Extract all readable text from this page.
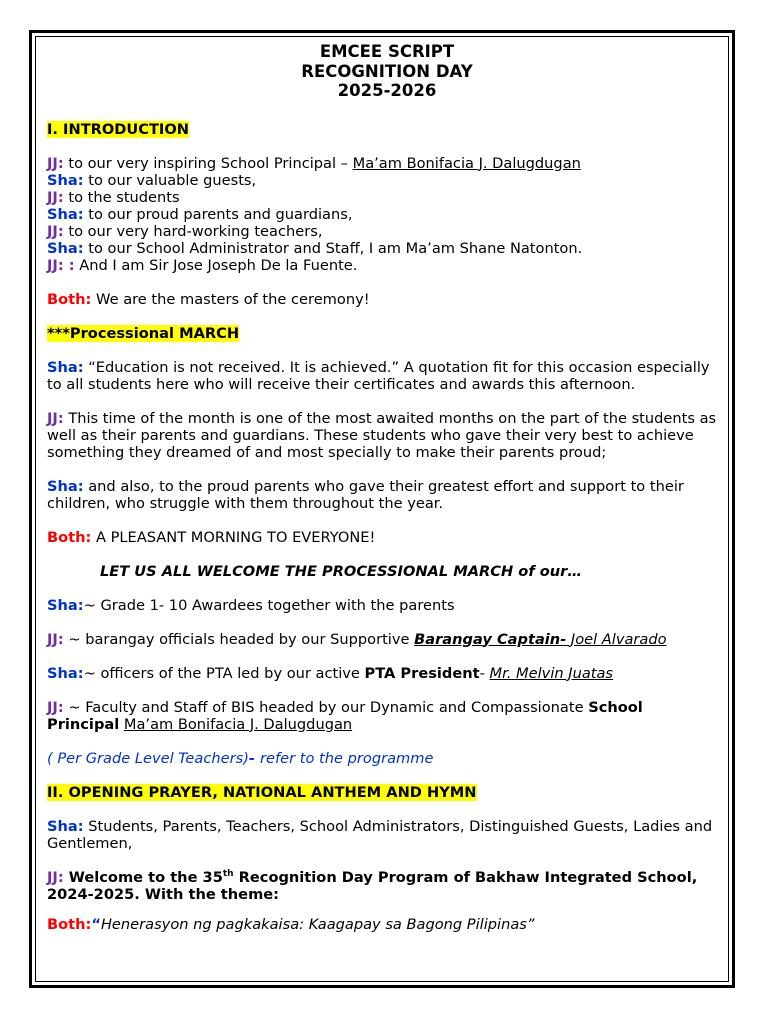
EMCEE SCRIPT
RECOGNITION DAY
2025-2026

I. INTRODUCTION

JJ: to our very inspiring School Principal – Ma’am Bonifacia J. Dalugdugan

Sha: to our valuable guests,

JJ: to the students

Sha: to our proud parents and guardians,

JJ: to our very hard-working teachers,

Sha: to our School Administrator and Staff, I am Ma’am Shane Natonton.

JJ: : And I am Sir Jose Joseph De la Fuente.

Both: We are the masters of the ceremony!

***Processional MARCH

Sha: “Education is not received. It is achieved.” A quotation fit for this occasion especially to all students here who will receive their certificates and awards this afternoon.

JJ: This time of the month is one of the most awaited months on the part of the students as well as their parents and guardians. These students who gave their very best to achieve something they dreamed of and most specially to make their parents proud;

Sha: and also, to the proud parents who gave their greatest effort and support to their children, who struggle with them throughout the year.

Both: A PLEASANT MORNING TO EVERYONE!

LET US ALL WELCOME THE PROCESSIONAL MARCH of our…

Sha:~ Grade 1- 10 Awardees together with the parents

JJ: ~ barangay officials headed by our Supportive Barangay Captain- Joel Alvarado

Sha:~ officers of the PTA led by our active PTA President- Mr. Melvin Juatas

JJ: ~ Faculty and Staff of BIS headed by our Dynamic and Compassionate School Principal Ma’am Bonifacia J. Dalugdugan

( Per Grade Level Teachers)- refer to the programme

II. OPENING PRAYER, NATIONAL ANTHEM AND HYMN

Sha: Students, Parents, Teachers, School Administrators, Distinguished Guests, Ladies and Gentlemen,

JJ: Welcome to the 35th Recognition Day Program of Bakhaw Integrated School, 2024-2025. With the theme:

Both:“Henerasyon ng pagkakaisa: Kaagapay sa Bagong Pilipinas”
